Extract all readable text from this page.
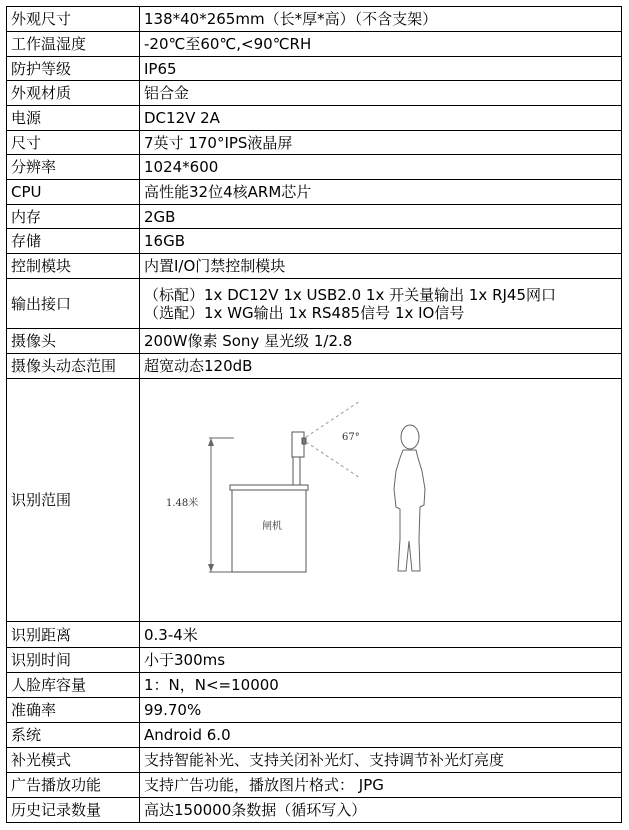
外观尺寸	138*40*265mm（长*厚*高）（不含支架）
工作温湿度	-20℃至60℃,<90℃RH
防护等级	IP65
外观材质	铝合金
电源	DC12V 2A
尺寸	7英寸 170°IPS液晶屏
分辨率	1024*600
CPU	高性能32位4核ARM芯片
内存	2GB
存储	16GB
控制模块	内置I/O门禁控制模块
输出接口	（标配）1x DC12V 1x USB2.0 1x 开关量输出 1x RJ45网口
（选配）1x WG输出 1x RS485信号 1x IO信号

摄像头	200W像素 Sony 星光级 1/2.8
摄像头动态范围	超宽动态120dB
识别范围	1.48米
闸机
67°

识别距离	0.3-4米
识别时间	小于300ms
人脸库容量	1：N，N<=10000
准确率	99.70%
系统	Android 6.0
补光模式	支持智能补光、支持关闭补光灯、支持调节补光灯亮度
广告播放功能	支持广告功能，播放图片格式： JPG
历史记录数量	高达150000条数据（循环写入）
